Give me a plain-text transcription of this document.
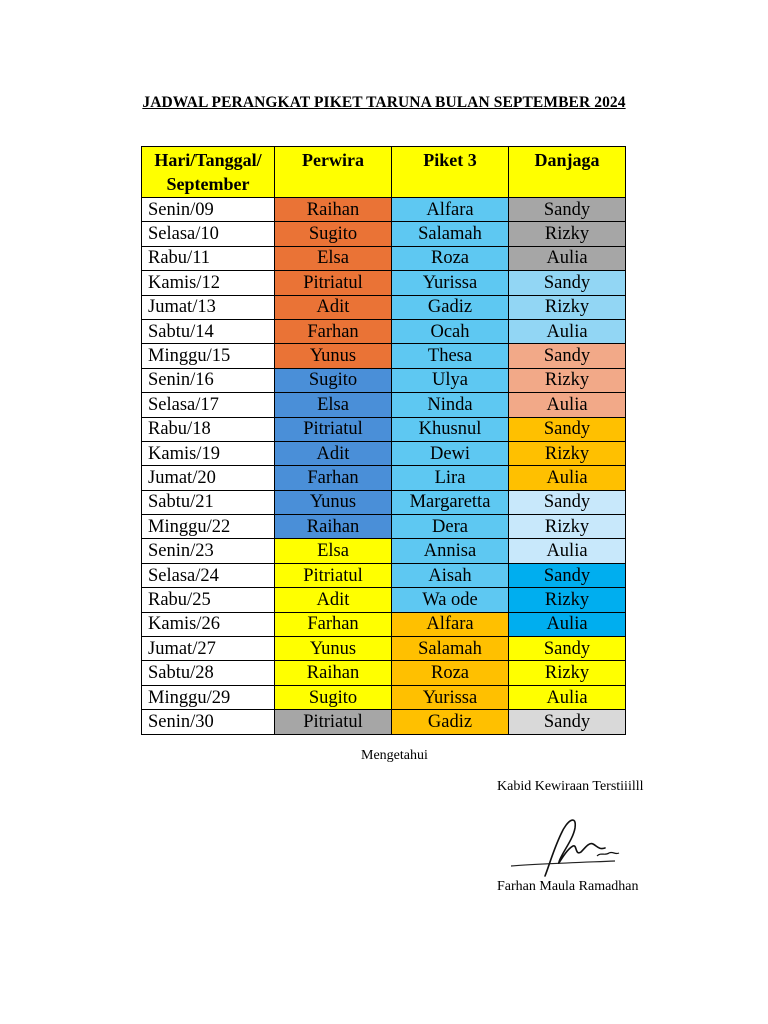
JADWAL PERANGKAT PIKET TARUNA BULAN SEPTEMBER 2024
Hari/Tanggal/ September	Perwira	Piket 3	Danjaga
Senin/09	Raihan	Alfara	Sandy
Selasa/10	Sugito	Salamah	Rizky
Rabu/11	Elsa	Roza	Aulia
Kamis/12	Pitriatul	Yurissa	Sandy
Jumat/13	Adit	Gadiz	Rizky
Sabtu/14	Farhan	Ocah	Aulia
Minggu/15	Yunus	Thesa	Sandy
Senin/16	Sugito	Ulya	Rizky
Selasa/17	Elsa	Ninda	Aulia
Rabu/18	Pitriatul	Khusnul	Sandy
Kamis/19	Adit	Dewi	Rizky
Jumat/20	Farhan	Lira	Aulia
Sabtu/21	Yunus	Margaretta	Sandy
Minggu/22	Raihan	Dera	Rizky
Senin/23	Elsa	Annisa	Aulia
Selasa/24	Pitriatul	Aisah	Sandy
Rabu/25	Adit	Wa ode	Rizky
Kamis/26	Farhan	Alfara	Aulia
Jumat/27	Yunus	Salamah	Sandy
Sabtu/28	Raihan	Roza	Rizky
Minggu/29	Sugito	Yurissa	Aulia
Senin/30	Pitriatul	Gadiz	Sandy
Mengetahui
Kabid Kewiraan Terstiiilll
Farhan Maula Ramadhan
